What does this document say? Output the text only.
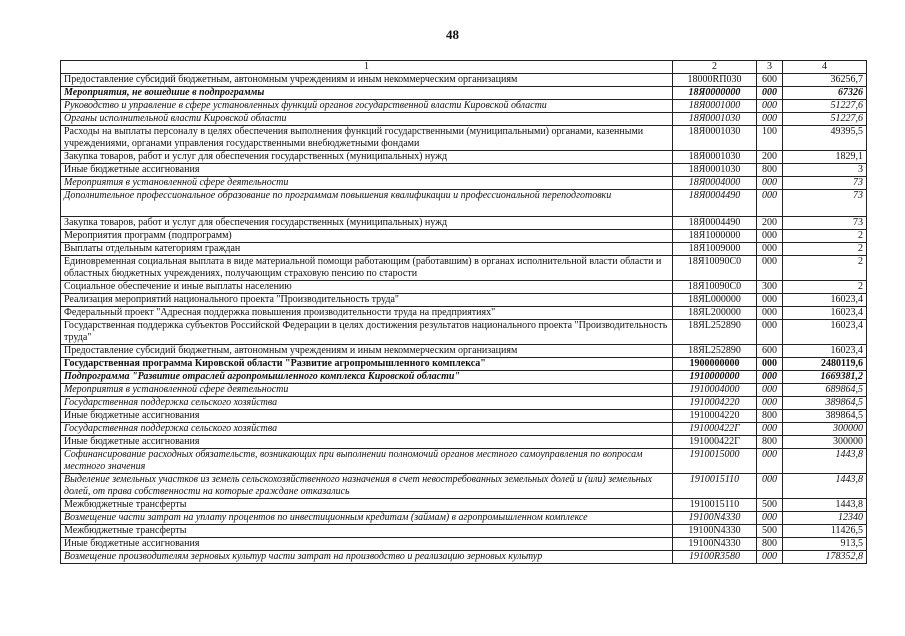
48
1	2	3	4
Предоставление субсидий бюджетным, автономным учреждениям и иным некоммерческим организациям	18000RП030	600	36256,7
Мероприятия, не вошедшие в подпрограммы	18Я0000000	000	67326
Руководство и управление в сфере установленных функций органов государственной власти Кировской области	18Я0001000	000	51227,6
Органы исполнительной власти Кировской области	18Я0001030	000	51227,6
Расходы на выплаты персоналу в целях обеспечения выполнения функций государственными (муниципальными) органами, казенными учреждениями, органами управления государственными внебюджетными фондами	18Я0001030	100	49395,5
Закупка товаров, работ и услуг для обеспечения государственных (муниципальных) нужд	18Я0001030	200	1829,1
Иные бюджетные ассигнования	18Я0001030	800	3
Мероприятия в установленной сфере деятельности	18Я0004000	000	73
Дополнительное профессиональное образование по программам повышения квалификации и профессиональной переподготовки	18Я0004490	000	73
Закупка товаров, работ и услуг для обеспечения государственных (муниципальных) нужд	18Я0004490	200	73
Мероприятия программ (подпрограмм)	18Я1000000	000	2
Выплаты отдельным категориям граждан	18Я1009000	000	2
Единовременная социальная выплата в виде материальной помощи работающим (работавшим) в органах исполнительной власти области и областных бюджетных учреждениях, получающим страховую пенсию по старости	18Я10090С0	000	2
Социальное обеспечение и иные выплаты населению	18Я10090С0	300	2
Реализация мероприятий национального проекта "Производительность труда"	18ЯL000000	000	16023,4
Федеральный проект "Адресная поддержка повышения производительности труда на предприятиях"	18ЯL200000	000	16023,4
Государственная поддержка субъектов Российской Федерации в целях достижения результатов национального проекта "Производительность труда"	18ЯL252890	000	16023,4
Предоставление субсидий бюджетным, автономным учреждениям и иным некоммерческим организациям	18ЯL252890	600	16023,4
Государственная программа Кировской области "Развитие агропромышленного комплекса"	1900000000	000	2480119,6
Подпрограмма "Развитие отраслей агропромышленного комплекса Кировской области"	1910000000	000	1669381,2
Мероприятия в установленной сфере деятельности	1910004000	000	689864,5
Государственная поддержка сельского хозяйства	1910004220	000	389864,5
Иные бюджетные ассигнования	1910004220	800	389864,5
Государственная поддержка сельского хозяйства	191000422Г	000	300000
Иные бюджетные ассигнования	191000422Г	800	300000
Софинансирование расходных обязательств, возникающих при выполнении полномочий органов местного самоуправления по вопросам местного значения	1910015000	000	1443,8
Выделение земельных участков из земель сельскохозяйственного назначения в счет невостребованных земельных долей и (или) земельных долей, от права собственности на которые граждане отказались	1910015110	000	1443,8
Межбюджетные трансферты	1910015110	500	1443,8
Возмещение части затрат на уплату процентов по инвестиционным кредитам (займам) в агропромышленном комплексе	19100N4330	000	12340
Межбюджетные трансферты	19100N4330	500	11426,5
Иные бюджетные ассигнования	19100N4330	800	913,5
Возмещение производителям зерновых культур части затрат на производство и реализацию зерновых культур	19100R3580	000	178352,8
